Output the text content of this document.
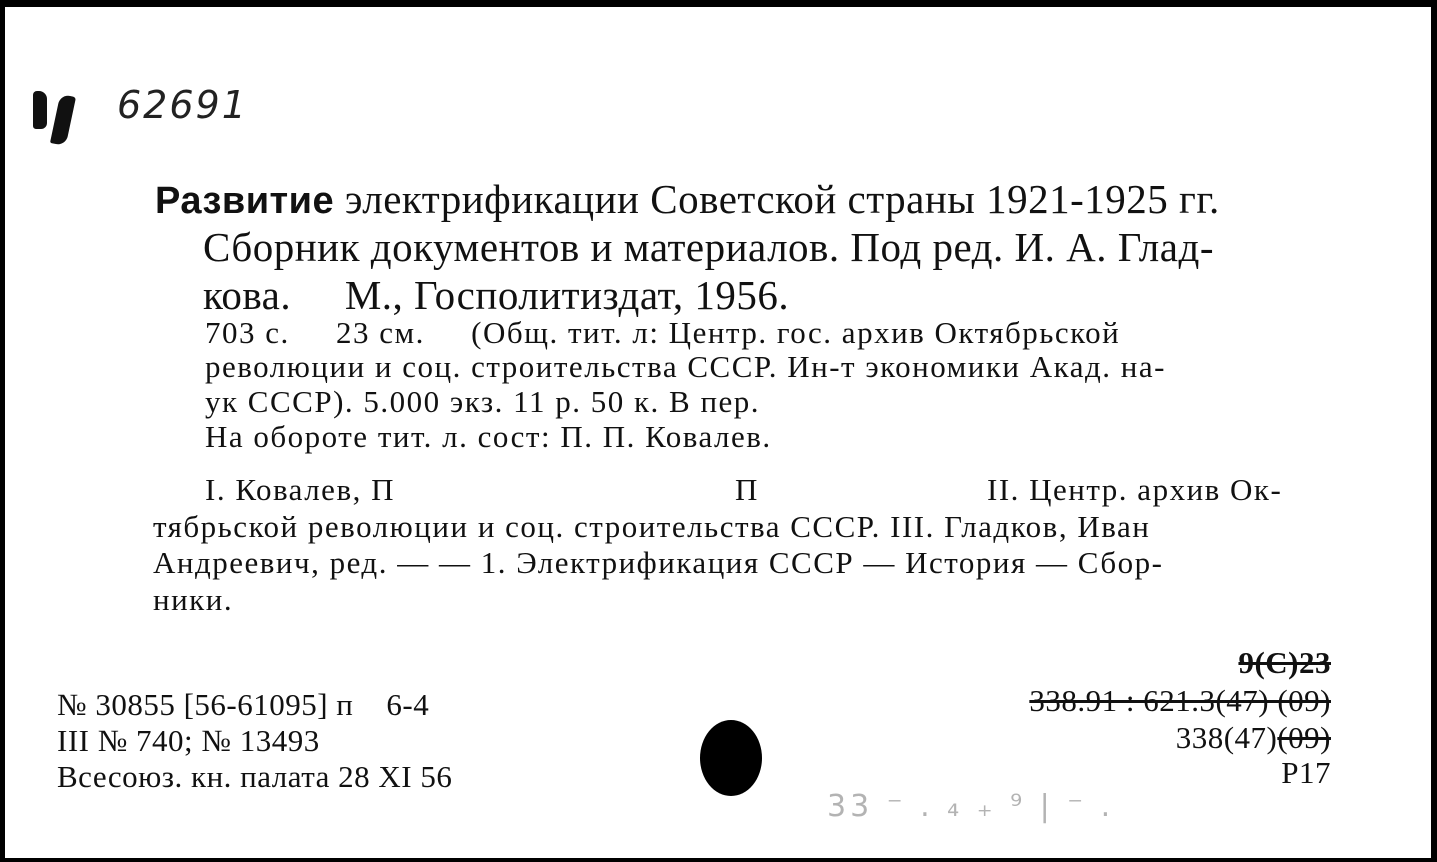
62691
Развитие электрификации Советской страны 1921-1925 гг.
Сборник документов и материалов. Под ред. И. А. Глад-
кова.     М., Госполитиздат, 1956.
703 с.     23 см.     (Общ. тит. л: Центр. гос. архив Октябрьской
революции и соц. строительства СССР. Ин-т экономики Акад. на-
ук СССР). 5.000 экз. 11 р. 50 к. В пер.
На обороте тит. л. сост: П. П. Ковалев.
I. Ковалев, П	П	II. Центр. архив Ок-
тябрьской революции и соц. строительства СССР. III. Гладков, Иван
Андреевич, ред. — — 1. Электрификация СССР — История — Сбор-
ники.
№ 30855 [56-61095] п    6-4
III № 740; № 13493
Всесоюз. кн. палата 28 XI 56
9(С)23
338.91 : 621.3(47) (09)
338(47)(09)
Р17
33 ⁻ . ₄ ₊ ⁹ | ⁻ .
